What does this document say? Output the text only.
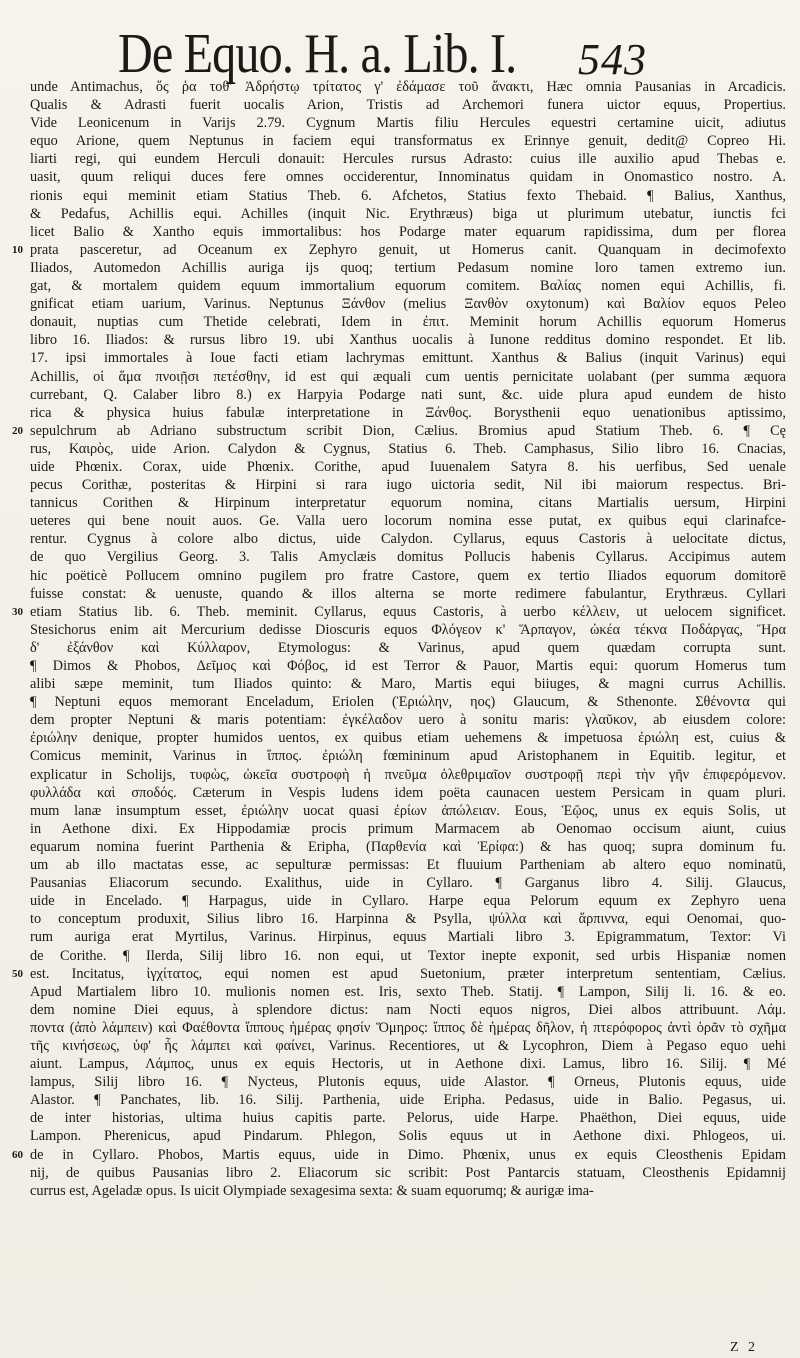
De Equo. H. a. Lib. I. 543
unde Antimachus, ὅς ῥα τοθ' Ἀδρήστῳ τρίτατος γ' ἐδάμασε τοῦ ἄνακτι, Hæc omnia Pausanias in Arcadicis.
Qualis & Adrasti fuerit uocalis Arion, Tristis ad Archemori funera uictor equus, Propertius.
Vide Leonicenum in Varijs 2.79. Cygnum Martis filiu Hercules equestri certamine uicit, adiutus
equo Arione, quem Neptunus in faciem equi transformatus ex Erinnye genuit, dedit@ Copreo Hi.
liarti regi, qui eundem Herculi donauit: Hercules rursus Adrasto: cuius ille auxilio apud Thebas e.
uasit, quum reliqui duces fere omnes occiderentur, Innominatus quidam in Onomastico nostro. A.
rionis equi meminit etiam Statius Theb. 6. Afchetos, Statius fexto Thebaid. ¶ Balius, Xanthus,
& Pedafus, Achillis equi. Achilles (inquit Nic. Erythræus) biga ut plurimum utebatur, iunctis fci
licet Balio & Xantho equis immortalibus: hos Podarge mater equarum rapidissima, dum per florea
10 prata pasceretur, ad Oceanum ex Zephyro genuit, ut Homerus canit. Quanquam in decimofexto
Iliados, Automedon Achillis auriga ijs quoq; tertium Pedasum nomine loro tamen extremo iun.
gat, & mortalem quidem equum immortalium equorum comitem. Βαλίας nomen equi Achillis, fi.
gnificat etiam uarium, Varinus. Neptunus Ξάνθον (melius Ξανθὸν oxytonum) καὶ Βαλίον equos Peleo
donauit, nuptias cum Thetide celebrati, Idem in ἐπιτ. Meminit horum Achillis equorum Homerus
libro 16. Iliados: & rursus libro 19. ubi Xanthus uocalis à Iunone redditus domino respondet. Et lib.
17. ipsi immortales à Ioue facti etiam lachrymas emittunt. Xanthus & Balius (inquit Varinus) equi
Achillis, οἱ ἅμα πνοιῇσι πετέσθην, id est qui æquali cum uentis pernicitate uolabant (per summa æquora
currebant, Q. Calaber libro 8.) ex Harpyia Podarge nati sunt, &c. uide plura apud eundem de histo
rica & physica huius fabulæ interpretatione in Ξάνθος. Borysthenii equo uenationibus aptissimo,
20 sepulchrum ab Adriano substructum scribit Dion, Cælius. Bromius apud Statium Theb. 6. ¶ Cę
rus, Καιρὸς, uide Arion. Calydon & Cygnus, Statius 6. Theb. Camphasus, Silio libro 16. Cnacias,
uide Phœnix. Corax, uide Phœnix. Corithe, apud Iuuenalem Satyra 8. his uerfibus, Sed uenale
pecus Corithæ, posteritas & Hirpini si rara iugo uictoria sedit, Nil ibi maiorum respectus. Bri-
tannicus Corithen & Hirpinum interpretatur equorum nomina, citans Martialis uersum, Hirpini
ueteres qui bene nouit auos. Ge. Valla uero locorum nomina esse putat, ex quibus equi clarinafce-
rentur. Cygnus à colore albo dictus, uide Calydon. Cyllarus, equus Castoris à uelocitate dictus,
de quo Vergilius Georg. 3. Talis Amyclæis domitus Pollucis habenis Cyllarus. Accipimus autem
hic poëticè Pollucem omnino pugilem pro fratre Castore, quem ex tertio Iliados equorum domitorē
fuisse constat: & uenuste, quando & illos alterna se morte redimere fabulantur, Erythræus. Cyllari
30 etiam Statius lib. 6. Theb. meminit. Cyllarus, equus Castoris, à uerbo κέλλειν, ut uelocem significet.
Stesichorus enim ait Mercurium dedisse Dioscuris equos Φλόγεον κ' Ἅρπαγον, ὠκέα τέκνα Ποδάργας, Ἥρα
δ' ἐξάνθον καὶ Κύλλαρον, Etymologus: & Varinus, apud quem quædam corrupta sunt.
¶ Dimos & Phobos, Δεῖμος καὶ Φόβος, id est Terror & Pauor, Martis equi: quorum Homerus tum
alibi sæpe meminit, tum Iliados quinto: & Maro, Martis equi biiuges, & magni currus Achillis.
¶ Neptuni equos memorant Enceladum, Eriolen (Ἐριώλην, ηος) Glaucum, & Sthenonte. Σθένοντα qui
dem propter Neptuni & maris potentiam: ἐγκέλαδον uero à sonitu maris: γλαῦκον, ab eiusdem colore:
ἐριώλην denique, propter humidos uentos, ex quibus etiam uehemens & impetuosa ἐριώλη est, cuius &
Comicus meminit, Varinus in ἵππος. ἐριώλη fœmininum apud Aristophanem in Equitib. legitur, et
explicatur in Scholijs, τυφὼς, ὠκεῖα συστροφὴ ἡ πνεῦμα ὀλεθριμαῖον συστροφῇ περὶ τὴν γῆν ἐπιφερόμενον.
φυλλάδα καὶ σποδός. Cæterum in Vespis ludens idem poëta caunacen uestem Persicam in quam pluri.
mum lanæ insumptum esset, ἐριώλην uocat quasi ἐρίων ἀπώλειαν. Eous, Ἑῷος, unus ex equis Solis, ut
in Aethone dixi. Ex Hippodamiæ procis primum Marmacem ab Oenomao occisum aiunt, cuius
equarum nomina fuerint Parthenia & Eripha, (Παρθενία καὶ Ἐρίφα:) & has quoq; supra dominum fu.
um ab illo mactatas esse, ac sepulturæ permissas: Et fluuium Partheniam ab altero equo nominatū,
Pausanias Eliacorum secundo. Exalithus, uide in Cyllaro. ¶ Garganus libro 4. Silij. Glaucus,
uide in Encelado. ¶ Harpagus, uide in Cyllaro. Harpe equa Pelorum equum ex Zephyro uena
to conceptum produxit, Silius libro 16. Harpinna & Psylla, ψύλλα καὶ ἅρπιννα, equi Oenomai, quo-
rum auriga erat Myrtilus, Varinus. Hirpinus, equus Martiali libro 3. Epigrammatum, Textor: Vi
de Corithe. ¶ Ilerda, Silij libro 16. non equi, ut Textor inepte exponit, sed urbis Hispaniæ nomen
50 est. Incitatus, ἰγχίτατος, equi nomen est apud Suetonium, præter interpretum sententiam, Cælius.
Apud Martialem libro 10. mulionis nomen est. Iris, sexto Theb. Statij. ¶ Lampon, Silij li. 16. & eo.
dem nomine Diei equus, à splendore dictus: nam Nocti equos nigros, Diei albos attribuunt. Λάμ.
ποντα (ἀπὸ λάμπειν) καὶ Φαέθοντα ἵππους ἡμέρας φησίν Ὅμηρος: ἵππος δὲ ἡμέρας δῆλον, ἡ πτερόφορος ἀντὶ ὁρᾶν τὸ σχῆμα
τῆς κινήσεως, ὑφ' ἧς λάμπει καὶ φαίνει, Varinus. Recentiores, ut & Lycophron, Diem à Pegaso equo uehi
aiunt. Lampus, Λάμπος, unus ex equis Hectoris, ut in Aethone dixi. Lamus, libro 16. Silij. ¶ Mé
lampus, Silij libro 16. ¶ Nycteus, Plutonis equus, uide Alastor. ¶ Orneus, Plutonis equus, uide
Alastor. ¶ Panchates, lib. 16. Silij. Parthenia, uide Eripha. Pedasus, uide in Balio. Pegasus, ui.
de inter historias, ultima huius capitis parte. Pelorus, uide Harpe. Phaëthon, Diei equus, uide
Lampon. Pherenicus, apud Pindarum. Phlegon, Solis equus ut in Aethone dixi. Phlogeos, ui.
60 de in Cyllaro. Phobos, Martis equus, uide in Dimo. Phœnix, unus ex equis Cleosthenis Epidam
nij, de quibus Pausanias libro 2. Eliacorum sic scribit: Post Pantarcis statuam, Cleosthenis Epidamnij
currus est, Ageladæ opus. Is uicit Olympiade sexagesima sexta: & suam equorumq; & aurigæ ima-
Z 2
